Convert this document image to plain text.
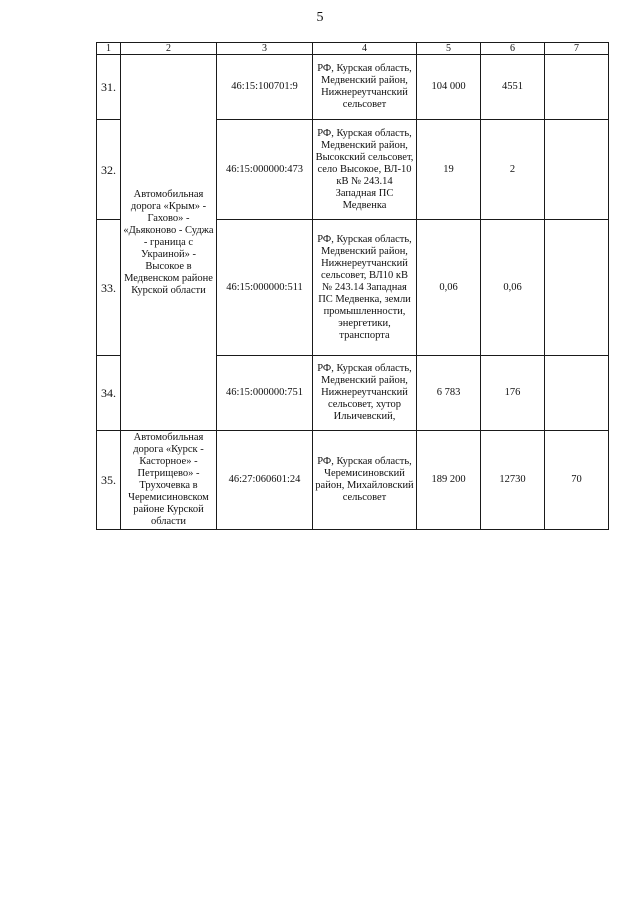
5
1	2	3	4	5	6	7
31.	Автомобильная дорога «Крым» - Гахово» - «Дьяконово - Суджа - граница с Украиной» - Высокое в Медвенском районе Курской области	46:15:100701:9	РФ, Курская область, Медвенский район, Нижнереутчанский сельсовет	104 000	4551	
32.		46:15:000000:473	РФ, Курская область, Медвенский район, Высокский сельсовет, село Высокое, ВЛ-10 кВ № 243.14 Западная ПС Медвенка	19	2	
33.		46:15:000000:511	РФ, Курская область, Медвенский район, Нижнереутчанский сельсовет, ВЛ10 кВ № 243.14 Западная ПС Медвенка, земли промышленности, энергетики, транспорта	0,06	0,06	
34.		46:15:000000:751	РФ, Курская область, Медвенский район, Нижнереутчанский сельсовет, хутор Ильичевский,	6 783	176	
35.	Автомобильная дорога «Курск - Касторное» - Петрищево» - Трухочевка в Черемисиновском районе Курской области	46:27:060601:24	РФ, Курская область, Черемисиновский район, Михайловский сельсовет	189 200	12730	70
